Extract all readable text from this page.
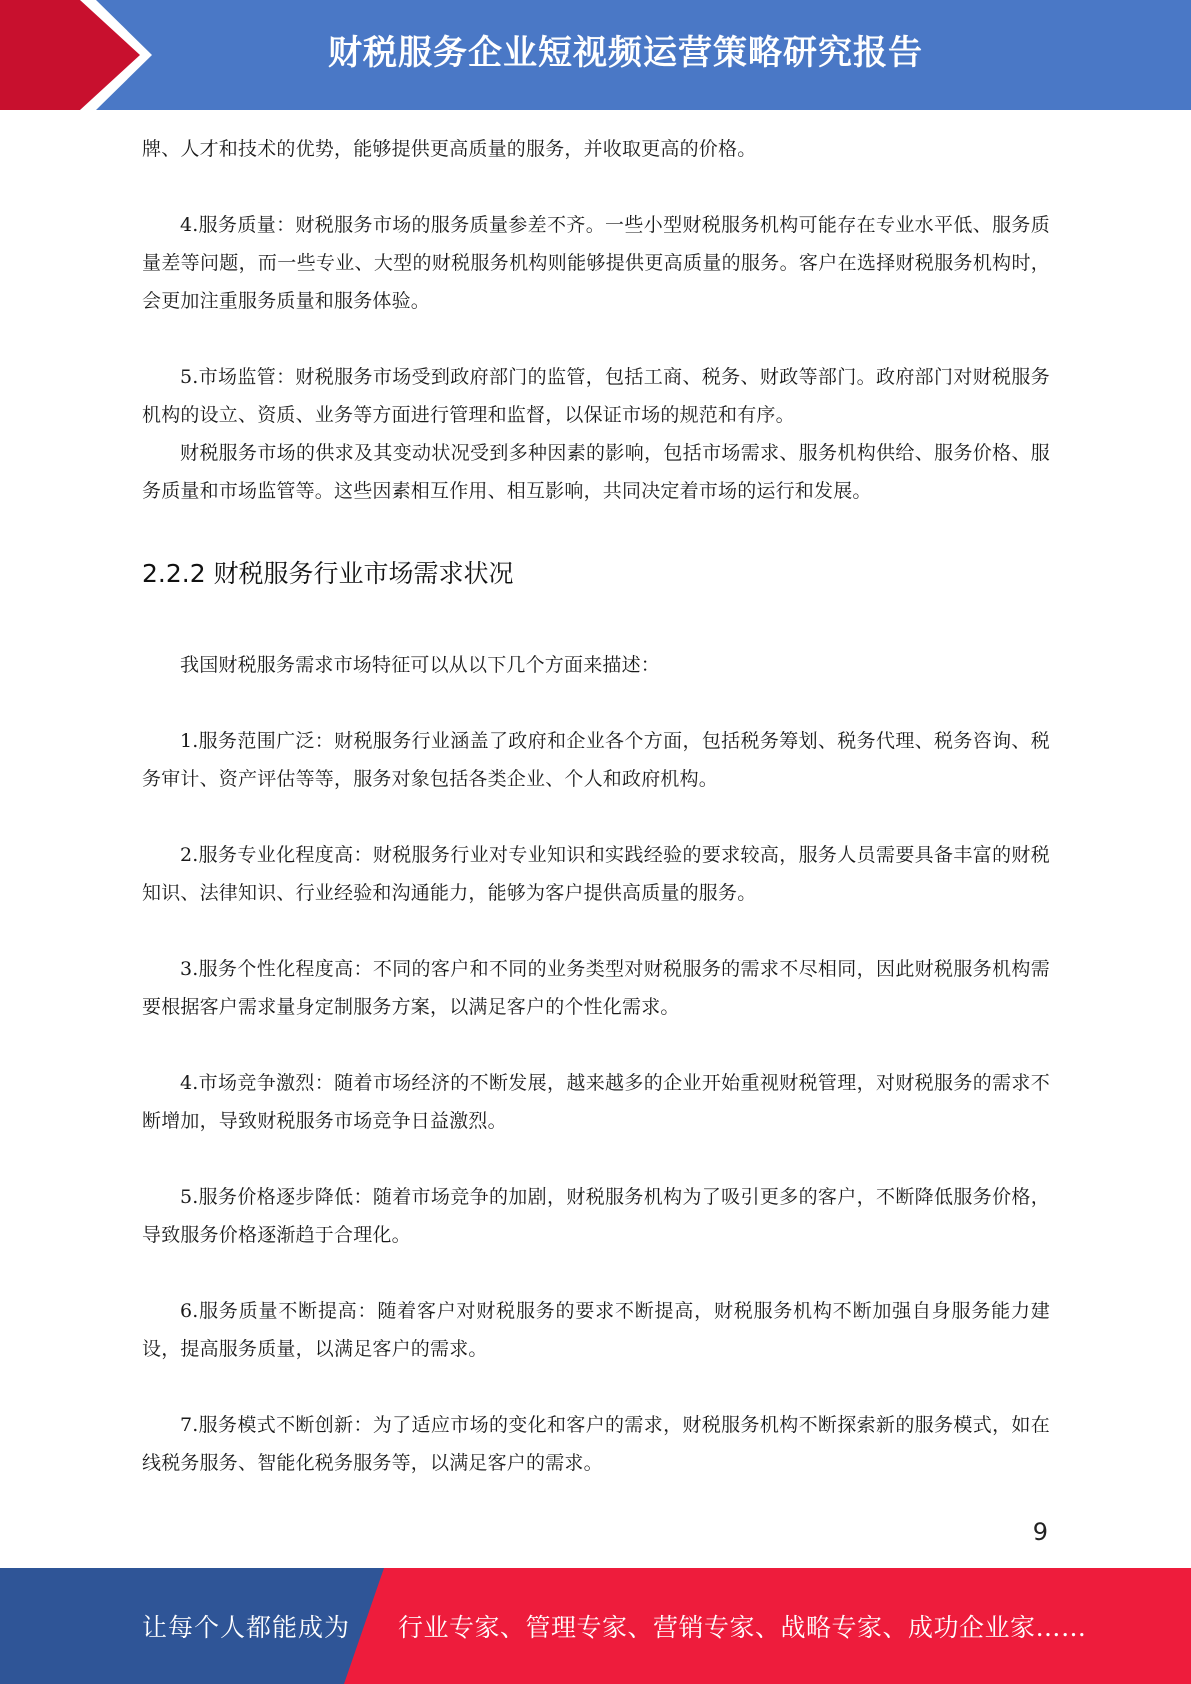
财税服务企业短视频运营策略研究报告

牌、人才和技术的优势，能够提供更高质量的服务，并收取更高的价格。

4.服务质量：财税服务市场的服务质量参差不齐。一些小型财税服务机构可能存在专业水平低、服务质量差等问题，而一些专业、大型的财税服务机构则能够提供更高质量的服务。客户在选择财税服务机构时，会更加注重服务质量和服务体验。

5.市场监管：财税服务市场受到政府部门的监管，包括工商、税务、财政等部门。政府部门对财税服务机构的设立、资质、业务等方面进行管理和监督，以保证市场的规范和有序。

财税服务市场的供求及其变动状况受到多种因素的影响，包括市场需求、服务机构供给、服务价格、服务质量和市场监管等。这些因素相互作用、相互影响，共同决定着市场的运行和发展。

2.2.2 财税服务行业市场需求状况

我国财税服务需求市场特征可以从以下几个方面来描述：

1.服务范围广泛：财税服务行业涵盖了政府和企业各个方面，包括税务筹划、税务代理、税务咨询、税务审计、资产评估等等，服务对象包括各类企业、个人和政府机构。

2.服务专业化程度高：财税服务行业对专业知识和实践经验的要求较高，服务人员需要具备丰富的财税知识、法律知识、行业经验和沟通能力，能够为客户提供高质量的服务。

3.服务个性化程度高：不同的客户和不同的业务类型对财税服务的需求不尽相同，因此财税服务机构需要根据客户需求量身定制服务方案，以满足客户的个性化需求。

4.市场竞争激烈：随着市场经济的不断发展，越来越多的企业开始重视财税管理，对财税服务的需求不断增加，导致财税服务市场竞争日益激烈。

5.服务价格逐步降低：随着市场竞争的加剧，财税服务机构为了吸引更多的客户，不断降低服务价格，导致服务价格逐渐趋于合理化。

6.服务质量不断提高：随着客户对财税服务的要求不断提高，财税服务机构不断加强自身服务能力建设，提高服务质量，以满足客户的需求。

7.服务模式不断创新：为了适应市场的变化和客户的需求，财税服务机构不断探索新的服务模式，如在线税务服务、智能化税务服务等，以满足客户的需求。

9
让每个人都能成为 行业专家、管理专家、营销专家、战略专家、成功企业家……
